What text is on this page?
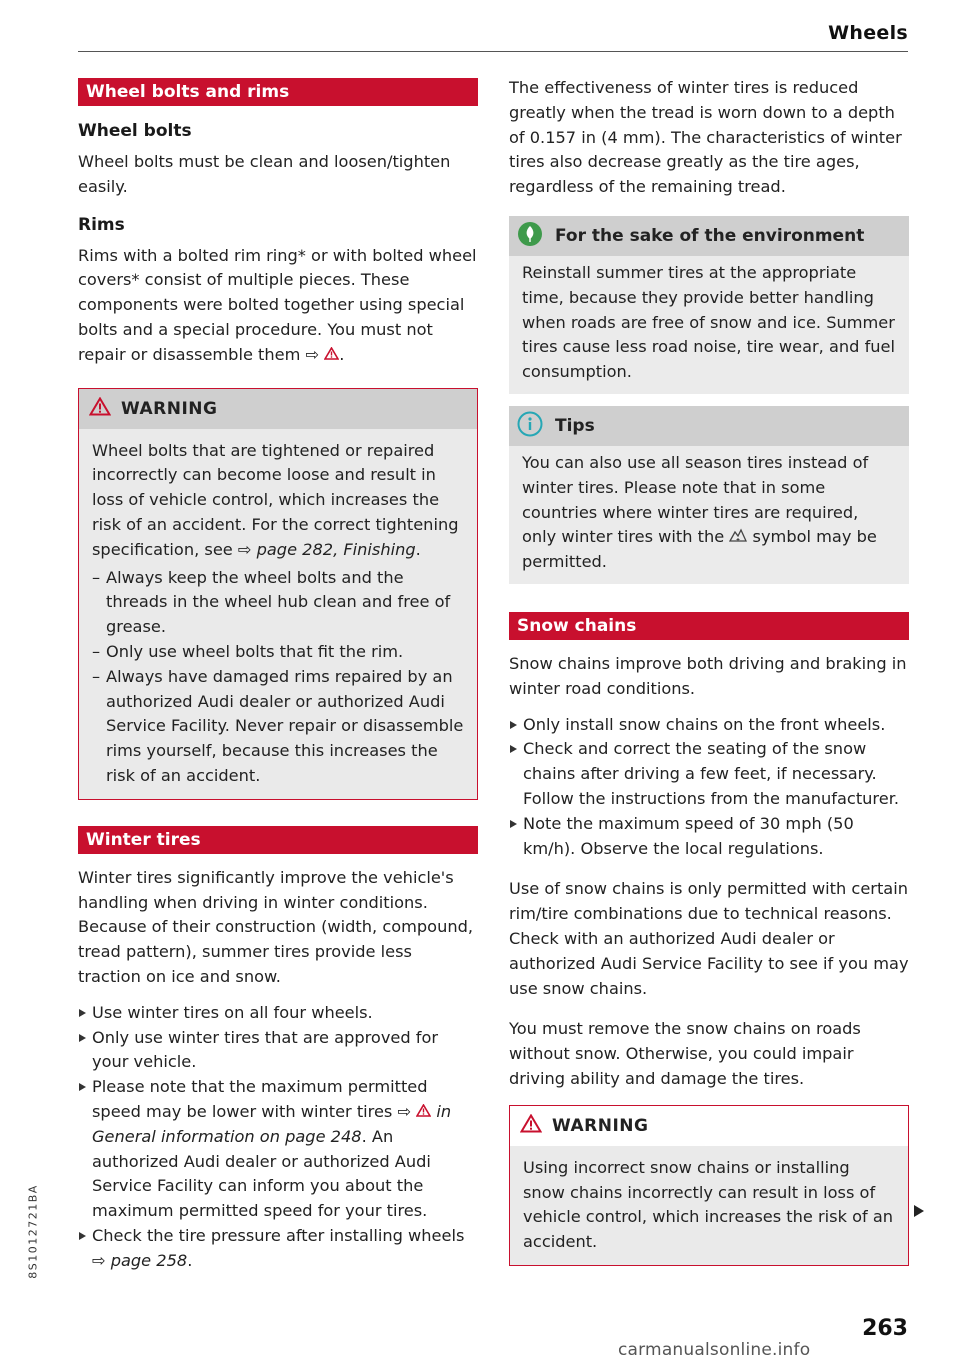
Wheels
Wheel bolts and rims
Wheel bolts

Wheel bolts must be clean and loosen/tighten easily.

Rims

Rims with a bolted rim ring* or with bolted wheel covers* consist of multiple pieces. These components were bolted together using special bolts and a special procedure. You must not repair or disassemble them ⇨ .

WARNING

Wheel bolts that are tightened or repaired incorrectly can become loose and result in loss of vehicle control, which increases the risk of an accident. For the correct tightening specification, see ⇨ page 282, Finishing.

– Always keep the wheel bolts and the threads in the wheel hub clean and free of grease.
– Only use wheel bolts that fit the rim.
– Always have damaged rims repaired by an authorized Audi dealer or authorized Audi Service Facility. Never repair or disassemble rims yourself, because this increases the risk of an accident.
Winter tires

Winter tires significantly improve the vehicle's handling when driving in winter conditions. Because of their construction (width, compound, tread pattern), summer tires provide less traction on ice and snow.

Use winter tires on all four wheels.
Only use winter tires that are approved for your vehicle.
Please note that the maximum permitted speed may be lower with winter tires ⇨ in General information on page 248. An authorized Audi dealer or authorized Audi Service Facility can inform you about the maximum permitted speed for your tires.
Check the tire pressure after installing wheels ⇨ page 258.

The effectiveness of winter tires is reduced greatly when the tread is worn down to a depth of 0.157 in (4 mm). The characteristics of winter tires also decrease greatly as the tire ages, regardless of the remaining tread.

For the sake of the environment

Reinstall summer tires at the appropriate time, because they provide better handling when roads are free of snow and ice. Summer tires cause less road noise, tire wear, and fuel consumption.

Tips

You can also use all season tires instead of winter tires. Please note that in some countries where winter tires are required, only winter tires with the symbol may be permitted.

Snow chains

Snow chains improve both driving and braking in winter road conditions.

Only install snow chains on the front wheels.
Check and correct the seating of the snow chains after driving a few feet, if necessary. Follow the instructions from the manufacturer.
Note the maximum speed of 30 mph (50 km/h). Observe the local regulations.

Use of snow chains is only permitted with certain rim/tire combinations due to technical reasons. Check with an authorized Audi dealer or authorized Audi Service Facility to see if you may use snow chains.

You must remove the snow chains on roads without snow. Otherwise, you could impair driving ability and damage the tires.

WARNING

Using incorrect snow chains or installing snow chains incorrectly can result in loss of vehicle control, which increases the risk of an accident.

263
8S1012721BA
carmanualsonline.info
